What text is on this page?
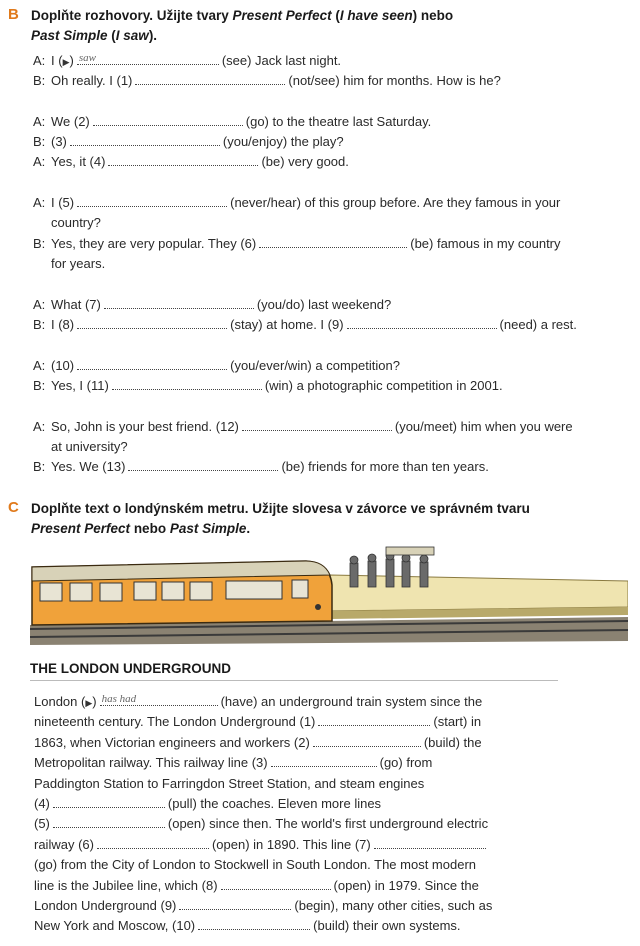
B Doplňte rozhovory. Užijte tvary Present Perfect (I have seen) nebo
Past Simple (I saw).
A: I (▶) saw	(see) Jack last night.
B: Oh really. I (1)	(not/see) him for months. How is he?
A: We (2)	(go) to the theatre last Saturday.
B: (3)	(you/enjoy) the play?
A: Yes, it (4)	(be) very good.
A: I (5)	(never/hear) of this group before. Are they famous in your
country?
B: Yes, they are very popular. They (6)	(be) famous in my country
for years.
A: What (7)	(you/do) last weekend?
B: I (8)	(stay) at home. I (9)	(need) a rest.
A: (10)	(you/ever/win) a competition?
B: Yes, I (11)	(win) a photographic competition in 2001.
A: So, John is your best friend. (12)	(you/meet) him when you were
at university?
B: Yes. We (13)	(be) friends for more than ten years.
C Doplňte text o londýnském metru. Užijte slovesa v závorce ve správném tvaru
Present Perfect nebo Past Simple.
THE LONDON UNDERGROUND
London (▶) has had	(have) an underground train system since the
nineteenth century. The London Underground (1)	(start) in
1863, when Victorian engineers and workers (2)	(build) the
Metropolitan railway. This railway line (3)	(go) from
Paddington Station to Farringdon Street Station, and steam engines
(4)	(pull) the coaches. Eleven more lines
(5)	(open) since then. The world's first underground electric
railway (6)	(open) in 1890. This line (7)
(go) from the City of London to Stockwell in South London. The most modern
line is the Jubilee line, which (8)	(open) in 1979. Since the
London Underground (9)	(begin), many other cities, such as
New York and Moscow, (10)	(build) their own systems.
